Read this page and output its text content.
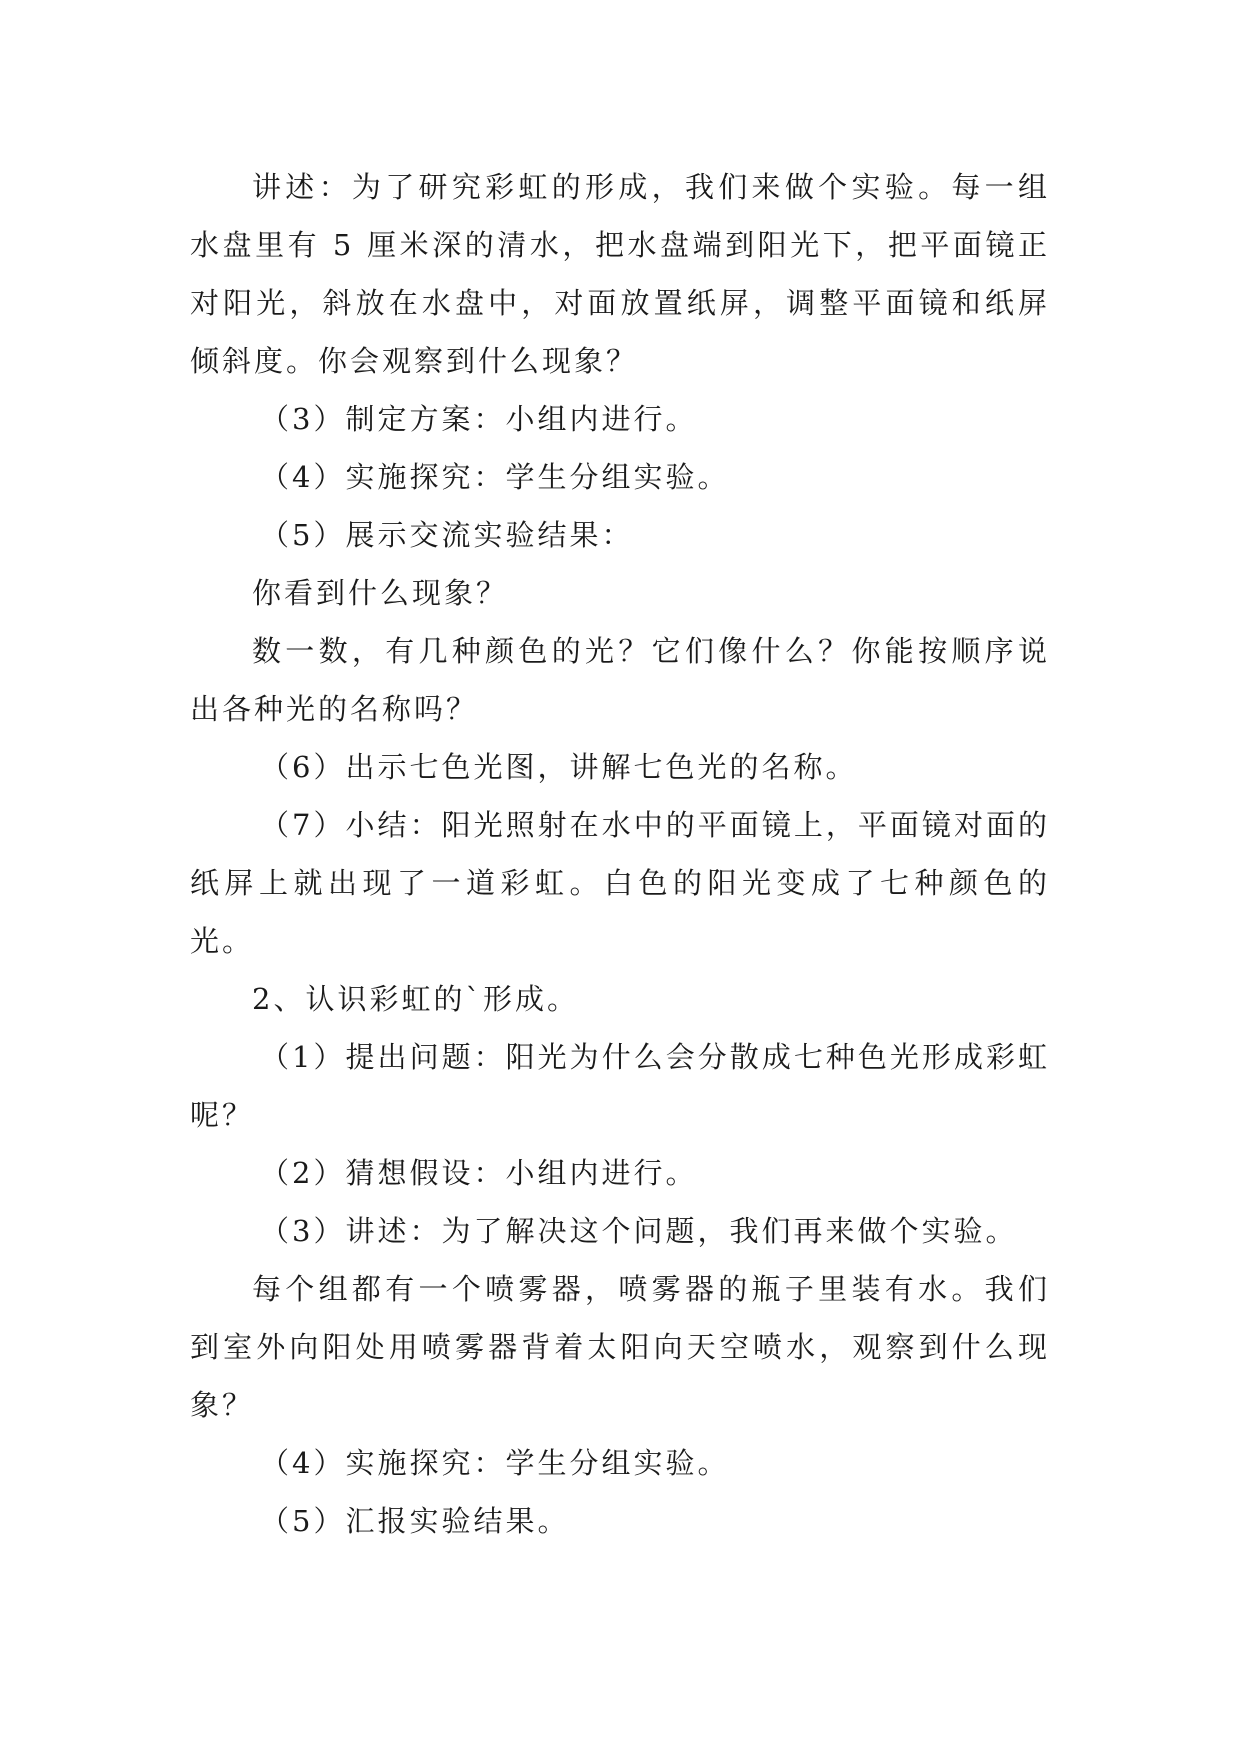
讲述：为了研究彩虹的形成，我们来做个实验。每一组水盘里有 5 厘米深的清水，把水盘端到阳光下，把平面镜正对阳光，斜放在水盘中，对面放置纸屏，调整平面镜和纸屏倾斜度。你会观察到什么现象？

（3）制定方案：小组内进行。

（4）实施探究：学生分组实验。

（5）展示交流实验结果：

你看到什么现象？

数一数，有几种颜色的光？它们像什么？你能按顺序说出各种光的名称吗？

（6）出示七色光图，讲解七色光的名称。

（7）小结：阳光照射在水中的平面镜上，平面镜对面的纸屏上就出现了一道彩虹。白色的阳光变成了七种颜色的光。

2、认识彩虹的`形成。

（1）提出问题：阳光为什么会分散成七种色光形成彩虹呢？

（2）猜想假设：小组内进行。

（3）讲述：为了解决这个问题，我们再来做个实验。

每个组都有一个喷雾器，喷雾器的瓶子里装有水。我们到室外向阳处用喷雾器背着太阳向天空喷水，观察到什么现象？

（4）实施探究：学生分组实验。

（5）汇报实验结果。
